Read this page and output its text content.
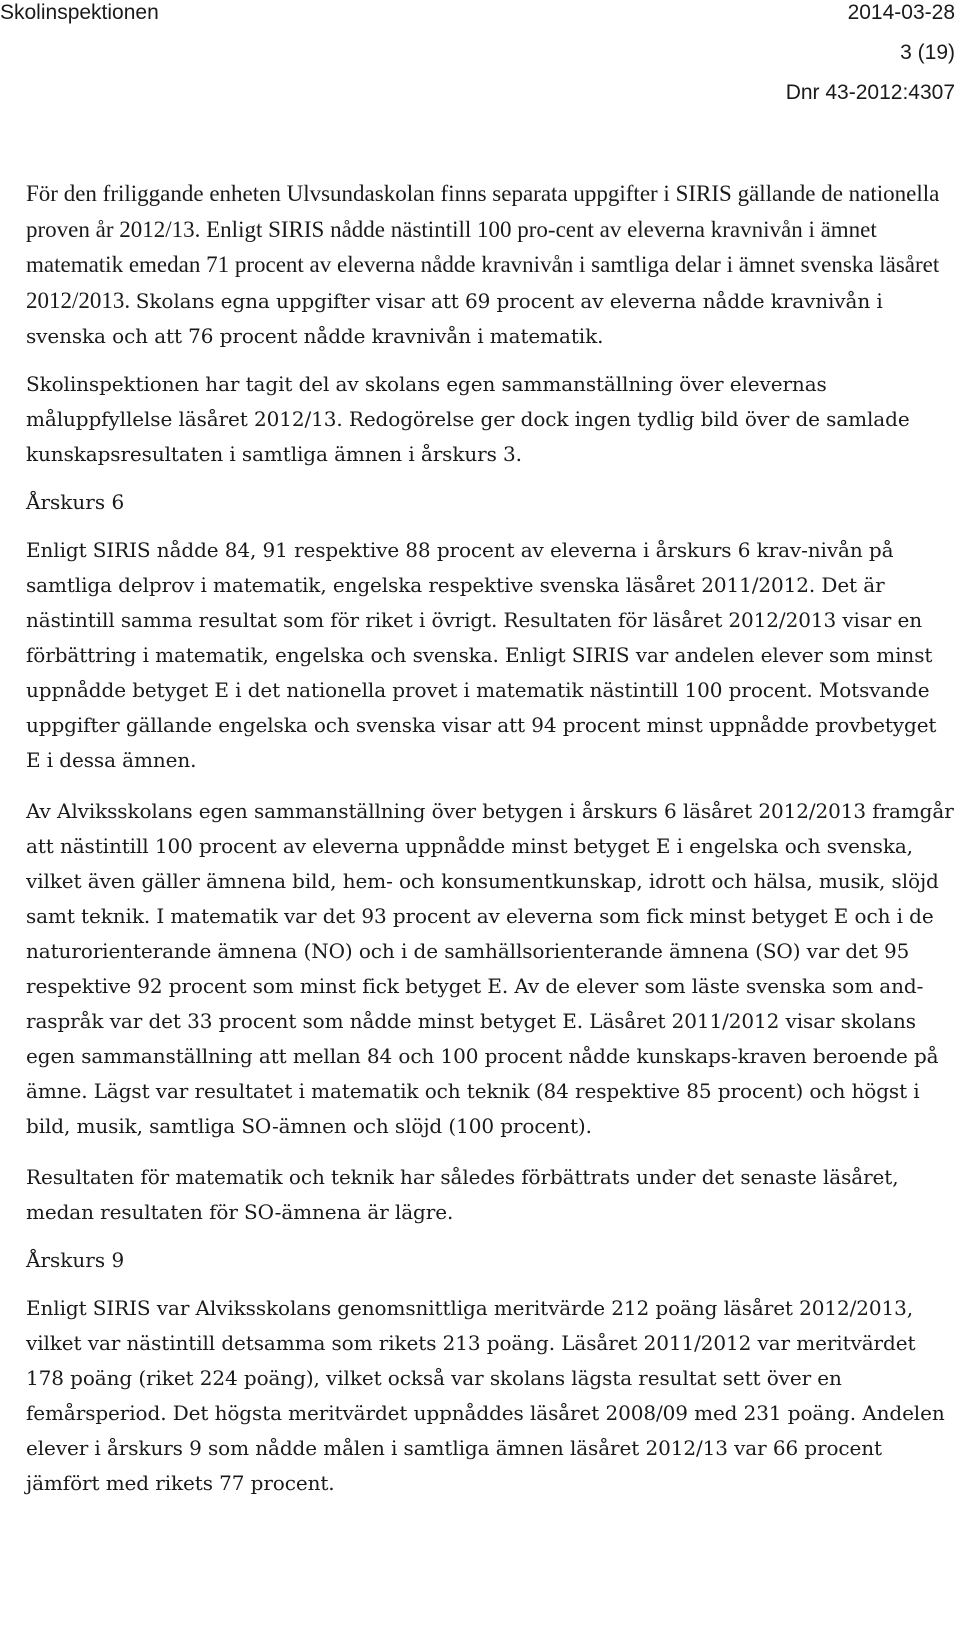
Skolinspektionen	2014-03-28
3 (19)
Dnr 43-2012:4307

För den friliggande enheten Ulvsundaskolan finns separata uppgifter i SIRIS gällande de nationella proven år 2012/13. Enligt SIRIS nådde nästintill 100 pro-cent av eleverna kravnivån i ämnet matematik emedan 71 procent av eleverna nådde kravnivån i samtliga delar i ämnet svenska läsåret 2012/2013. Skolans egna uppgifter visar att 69 procent av eleverna nådde kravnivån i svenska och att 76 procent nådde kravnivån i matematik.

Skolinspektionen har tagit del av skolans egen sammanställning över elevernas måluppfyllelse läsåret 2012/13. Redogörelse ger dock ingen tydlig bild över de samlade kunskapsresultaten i samtliga ämnen i årskurs 3.

Årskurs 6

Enligt SIRIS nådde 84, 91 respektive 88 procent av eleverna i årskurs 6 krav-nivån på samtliga delprov i matematik, engelska respektive svenska läsåret 2011/2012. Det är nästintill samma resultat som för riket i övrigt. Resultaten för läsåret 2012/2013 visar en förbättring i matematik, engelska och svenska. Enligt SIRIS var andelen elever som minst uppnådde betyget E i det nationella provet i matematik nästintill 100 procent. Motsvande uppgifter gällande engelska och svenska visar att 94 procent minst uppnådde provbetyget E i dessa ämnen.

Av Alviksskolans egen sammanställning över betygen i årskurs 6 läsåret 2012/2013 framgår att nästintill 100 procent av eleverna uppnådde minst betyget E i engelska och svenska, vilket även gäller ämnena bild, hem- och konsumentkunskap, idrott och hälsa, musik, slöjd samt teknik. I matematik var det 93 procent av eleverna som fick minst betyget E och i de naturorienterande ämnena (NO) och i de samhällsorienterande ämnena (SO) var det 95 respektive 92 procent som minst fick betyget E. Av de elever som läste svenska som and-raspråk var det 33 procent som nådde minst betyget E. Läsåret 2011/2012 visar skolans egen sammanställning att mellan 84 och 100 procent nådde kunskaps-kraven beroende på ämne. Lägst var resultatet i matematik och teknik (84 respektive 85 procent) och högst i bild, musik, samtliga SO-ämnen och slöjd (100 procent).

Resultaten för matematik och teknik har således förbättrats under det senaste läsåret, medan resultaten för SO-ämnena är lägre.

Årskurs 9

Enligt SIRIS var Alviksskolans genomsnittliga meritvärde 212 poäng läsåret 2012/2013, vilket var nästintill detsamma som rikets 213 poäng. Läsåret 2011/2012 var meritvärdet 178 poäng (riket 224 poäng), vilket också var skolans lägsta resultat sett över en femårsperiod. Det högsta meritvärdet uppnåddes läsåret 2008/09 med 231 poäng. Andelen elever i årskurs 9 som nådde målen i samtliga ämnen läsåret 2012/13 var 66 procent jämfört med rikets 77 procent.
